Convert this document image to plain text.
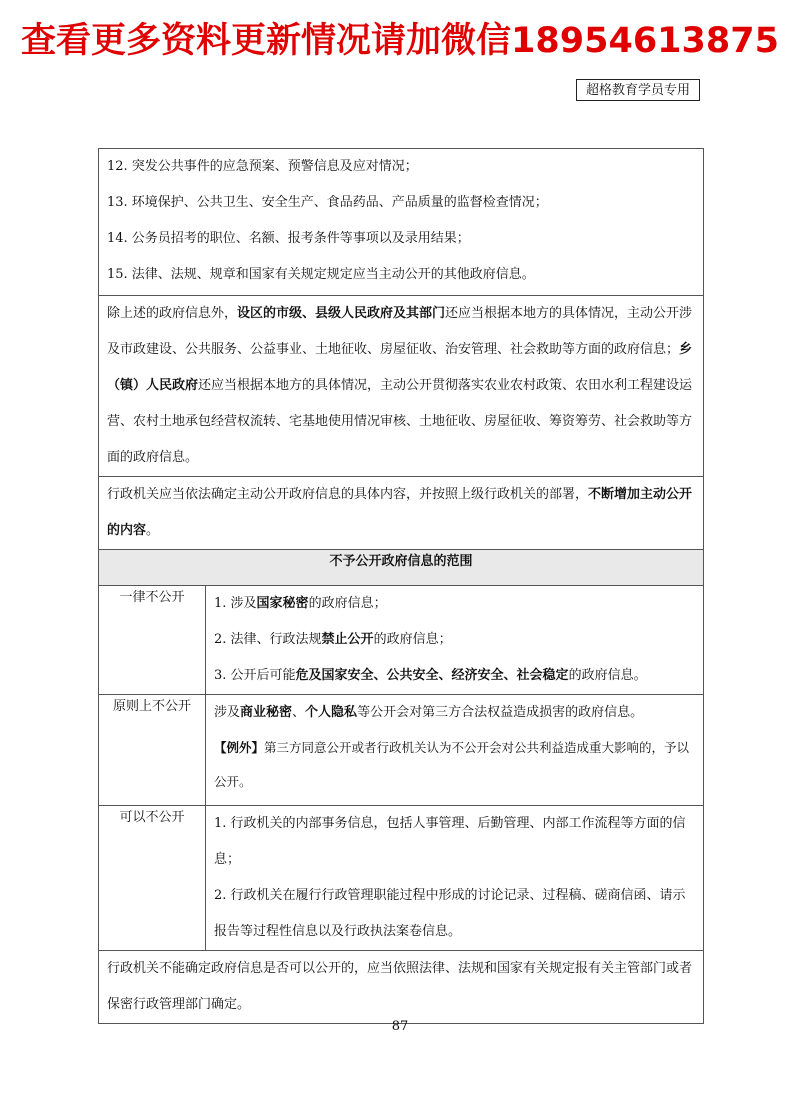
查看更多资料更新情况请加微信18954613875
超格教育学员专用
12. 突发公共事件的应急预案、预警信息及应对情况；
13. 环境保护、公共卫生、安全生产、食品药品、产品质量的监督检查情况；
14. 公务员招考的职位、名额、报考条件等事项以及录用结果；
15. 法律、法规、规章和国家有关规定规定应当主动公开的其他政府信息。	

除上述的政府信息外，设区的市级、县级人民政府及其部门还应当根据本地方的具体情况，主动公开涉及市政建设、公共服务、公益事业、土地征收、房屋征收、治安管理、社会救助等方面的政府信息；乡（镇）人民政府还应当根据本地方的具体情况，主动公开贯彻落实农业农村政策、农田水利工程建设运营、农村土地承包经营权流转、宅基地使用情况审核、土地征收、房屋征收、筹资筹劳、社会救助等方面的政府信息。	

行政机关应当依法确定主动公开政府信息的具体内容，并按照上级行政机关的部署，不断增加主动公开的内容。	

不予公开政府信息的范围	
一律不公开	1. 涉及国家秘密的政府信息；
2. 法律、行政法规禁止公开的政府信息；
3. 公开后可能危及国家安全、公共安全、经济安全、社会稳定的政府信息。

原则上不公开	涉及商业秘密、个人隐私等公开会对第三方合法权益造成损害的政府信息。
【例外】第三方同意公开或者行政机关认为不公开会对公共利益造成重大影响的，予以公开。

可以不公开	1. 行政机关的内部事务信息，包括人事管理、后勤管理、内部工作流程等方面的信息；
2. 行政机关在履行行政管理职能过程中形成的讨论记录、过程稿、磋商信函、请示报告等过程性信息以及行政执法案卷信息。

行政机关不能确定政府信息是否可以公开的，应当依照法律、法规和国家有关规定报有关主管部门或者保密行政管理部门确定。	
87
